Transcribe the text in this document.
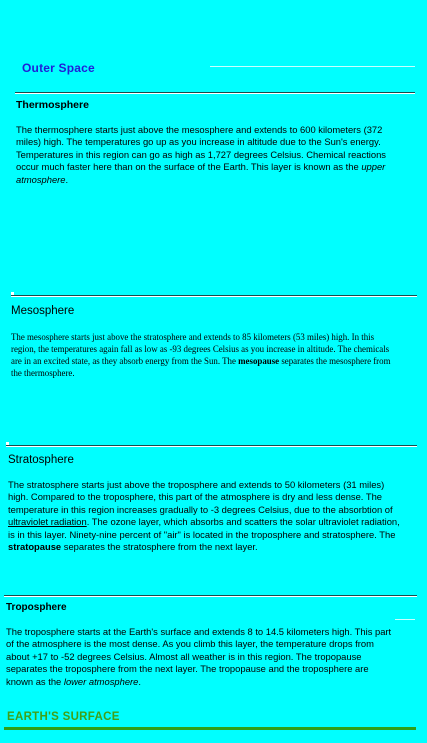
Outer Space
Thermosphere
The thermosphere starts just above the mesosphere and extends to 600 kilometers (372 miles) high. The temperatures go up as you increase in altitude due to the Sun's energy. Temperatures in this region can go as high as 1,727 degrees Celsius. Chemical reactions occur much faster here than on the surface of the Earth. This layer is known as the upper atmosphere.
Mesosphere
The mesosphere starts just above the stratosphere and extends to 85 kilometers (53 miles) high. In this region, the temperatures again fall as low as -93 degrees Celsius as you increase in altitude. The chemicals are in an excited state, as they absorb energy from the Sun. The mesopause separates the mesosphere from the thermosphere.
Stratosphere
The stratosphere starts just above the troposphere and extends to 50 kilometers (31 miles) high. Compared to the troposphere, this part of the atmosphere is dry and less dense. The temperature in this region increases gradually to -3 degrees Celsius, due to the absorbtion of ultraviolet radiation. The ozone layer, which absorbs and scatters the solar ultraviolet radiation, is in this layer. Ninety-nine percent of "air" is located in the troposphere and stratosphere. The stratopause separates the stratosphere from the next layer.
Troposphere
The troposphere starts at the Earth's surface and extends 8 to 14.5 kilometers high. This part of the atmosphere is the most dense. As you climb this layer, the temperature drops from about +17 to -52 degrees Celsius. Almost all weather is in this region. The tropopause separates the troposphere from the next layer. The tropopause and the troposphere are known as the lower atmosphere.
EARTH'S SURFACE
